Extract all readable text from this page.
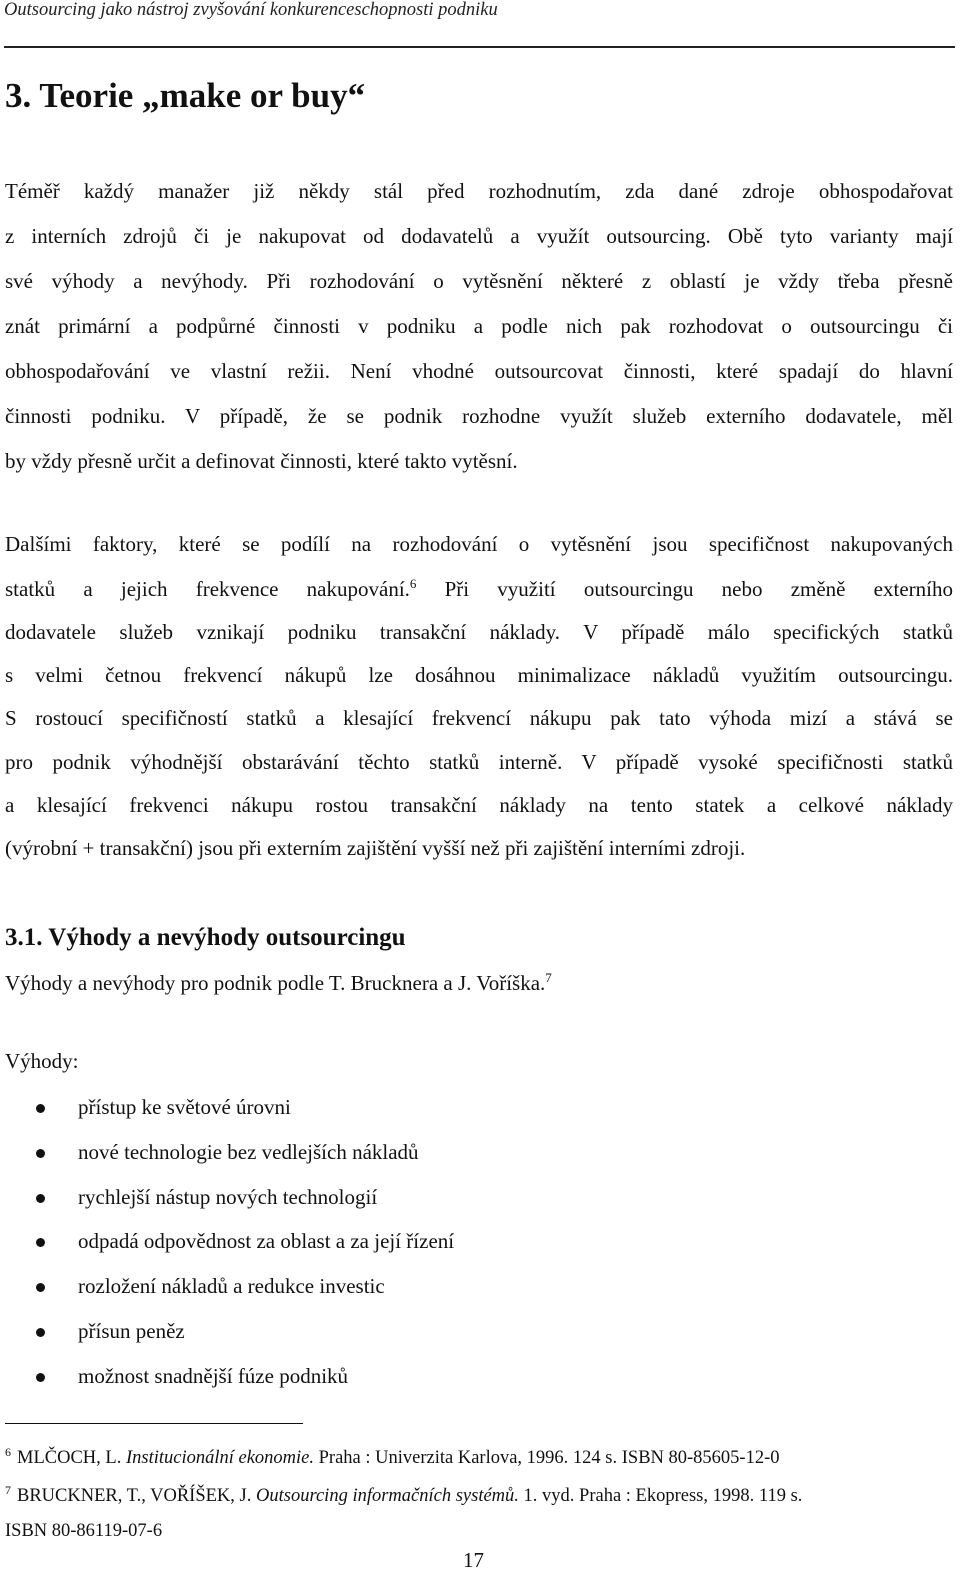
Outsourcing jako nástroj zvyšování konkurenceschopnosti podniku
3. Teorie „make or buy“
Téměř každý manažer již někdy stál před rozhodnutím, zda dané zdroje obhospodařovat
z interních zdrojů či je nakupovat od dodavatelů a využít outsourcing. Obě tyto varianty mají
své výhody a nevýhody. Při rozhodování o vytěsnění některé z oblastí je vždy třeba přesně
znát primární a podpůrné činnosti v podniku a podle nich pak rozhodovat o outsourcingu či
obhospodařování ve vlastní režii. Není vhodné outsourcovat činnosti, které spadají do hlavní
činnosti podniku. V případě, že se podnik rozhodne využít služeb externího dodavatele, měl
by vždy přesně určit a definovat činnosti, které takto vytěsní.
Dalšími faktory, které se podílí na rozhodování o vytěsnění jsou specifičnost nakupovaných
statků a jejich frekvence nakupování.$^6$ Při využití outsourcingu nebo změně externího
dodavatele služeb vznikají podniku transakční náklady. V případě málo specifických statků
s velmi četnou frekvencí nákupů lze dosáhnou minimalizace nákladů využitím outsourcingu.
S rostoucí specifičností statků a klesající frekvencí nákupu pak tato výhoda mizí a stává se
pro podnik výhodnější obstarávání těchto statků interně. V případě vysoké specifičnosti statků
a klesající frekvenci nákupu rostou transakční náklady na tento statek a celkové náklady
(výrobní + transakční) jsou při externím zajištění vyšší než při zajištění interními zdroji.
3.1. Výhody a nevýhody outsourcingu
Výhody a nevýhody pro podnik podle T. Brucknera a J. Voříška.$^7$
Výhody:
přístup ke světové úrovni
nové technologie bez vedlejších nákladů
rychlejší nástup nových technologií
odpadá odpovědnost za oblast a za její řízení
rozložení nákladů a redukce investic
přísun peněz
možnost snadnější fúze podniků
$^6$ MLČOCH, L. Institucionální ekonomie. Praha : Univerzita Karlova, 1996. 124 s. ISBN 80-85605-12-0
$^7$ BRUCKNER, T., VOŘÍŠEK, J. Outsourcing informačních systémů. 1. vyd. Praha : Ekopress, 1998. 119 s.
ISBN 80-86119-07-6
17
